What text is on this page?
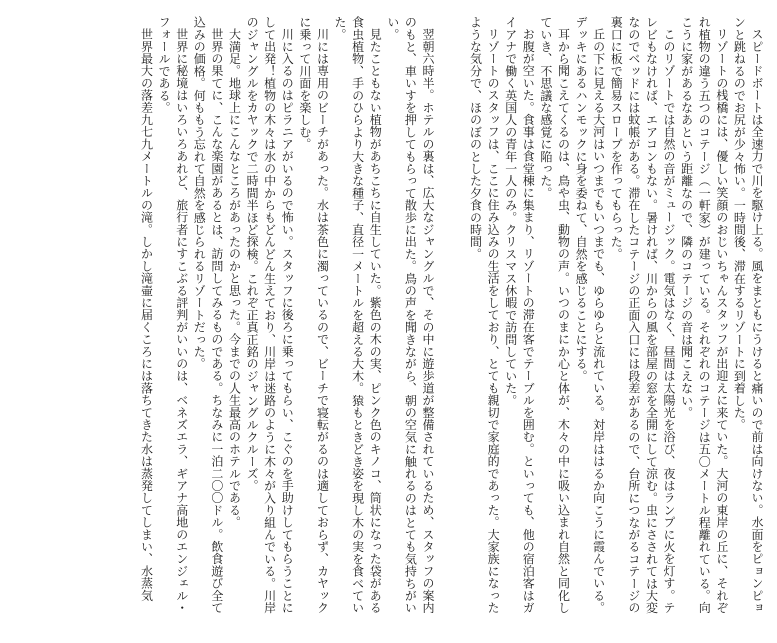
スピードボートは全速力で川を駆け上る。風をまともにうけると痛いので前は向けない。水面をピョンピョンと跳ねるのでお尻が少々怖い。一時間後、滞在するリゾートに到着した。
リゾートの桟橋には、優しい笑顔のおじいちゃんスタッフが出迎えに来ていた。大河の東岸の丘に、それぞれ植物の違う五つのコテージ（一軒家）が建っている。それぞれのコテージは五〇メートル程離れている。向こうに家があるなあという距離なので、隣のコテージの音は聞こえない。
このリゾートでは自然の音がミュージック。電気はなく、昼間は太陽光を浴び、夜はランプに火を灯す。テレビもなければ、エアコンもない。暑ければ、川からの風を部屋の窓を全開にして涼む。虫にさされては大変なのでベッドには蚊帳がある。滞在したコテージの正面入口には段差があるので、台所につながるコテージの裏口に板で簡易スロープを作ってもらった。
丘の下に見える大河はいつまでもいつまでも、ゆらゆらと流れている。対岸ははるか向こうに霞んでいる。デッキにあるハンモックに身を委ねて、自然を感じることにする。
耳から聞こえてくるのは、鳥や虫、動物の声。いつのまにか心と体が、木々の中に吸い込まれ自然と同化していき、不思議な感覚に陥った。
お腹が空いた。食事は食堂棟に集まり、リゾートの滞在客でテーブルを囲む。といっても、他の宿泊客はガイアナで働く英国人の青年一人のみ。クリスマス休暇で訪問していた。
リゾートのスタッフは、ここに住み込みの生活をしており、とても親切で家庭的であった。大家族になったような気分で、ほのぼのとした夕食の時間。
翌朝六時半。ホテルの裏は、広大なジャングルで、その中に遊歩道が整備されているため、スタッフの案内のもと、車いすを押してもらって散歩に出た。鳥の声を聞きながら、朝の空気に触れるのはとても気持ちがいい。
見たこともない植物があちこちに自生していた。紫色の木の実、ピンク色のキノコ、筒状になった袋がある食虫植物、手のひらより大きな種子、直径一メートルを超える大木。猿もときどき姿を現し木の実を食べていた。
川には専用のビーチがあった。水は茶色に濁っているので、ビーチで寝転がるのは適しておらず、カヤックに乗って川面を楽しむ。
川に入るのはピラニアがいるので怖い。スタッフに後ろに乗ってもらい、こぐのを手助けしてもらうことにして出発！植物の木々は水の中からもどんどん生えており、川岸は迷路のように木々が入り組んでいる。川岸のジャングルをカヤックで二時間半ほど探検。これぞ正真正銘のジャングルクルーズ。
大満足。地球上にこんなところがあったのかと思った。今までの人生最高のホテルである。
世界の果てに、こんな楽園があるとは、訪問してみるものである。ちなみに一泊二〇〇ドル。飲食遊び全て込みの価格。何ももう忘れて自然を感じられるリゾートだった。
世界に秘境はいろいろあれど、旅行者にすこぶる評判がいいのは、ベネズエラ、ギアナ高地のエンジェル・フォールである。
世界最大の落差九七九メートルの滝。しかし滝壷に届くころには落ちてきた水は蒸発してしまい、水蒸気
